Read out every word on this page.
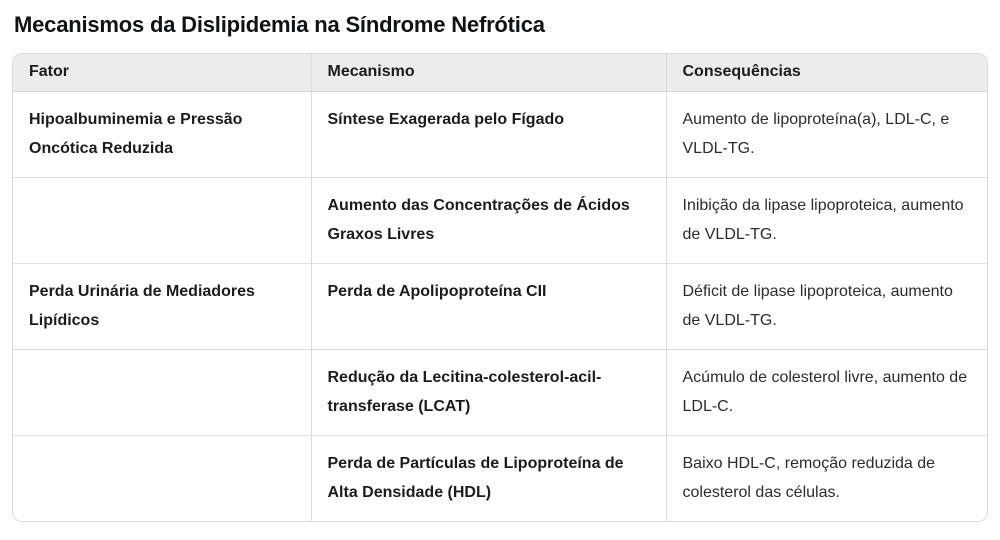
Mecanismos da Dislipidemia na Síndrome Nefrótica
Fator	Mecanismo	Consequências
Hipoalbuminemia e Pressão Oncótica Reduzida	Síntese Exagerada pelo Fígado	Aumento de lipoproteína(a), LDL-C, e VLDL-TG.
	Aumento das Concentrações de Ácidos Graxos Livres	Inibição da lipase lipoproteica, aumento de VLDL-TG.
Perda Urinária de Mediadores Lipídicos	Perda de Apolipoproteína CII	Déficit de lipase lipoproteica, aumento de VLDL-TG.
	Redução da Lecitina-colesterol-acil-transferase (LCAT)	Acúmulo de colesterol livre, aumento de LDL-C.
	Perda de Partículas de Lipoproteína de Alta Densidade (HDL)	Baixo HDL-C, remoção reduzida de colesterol das células.
